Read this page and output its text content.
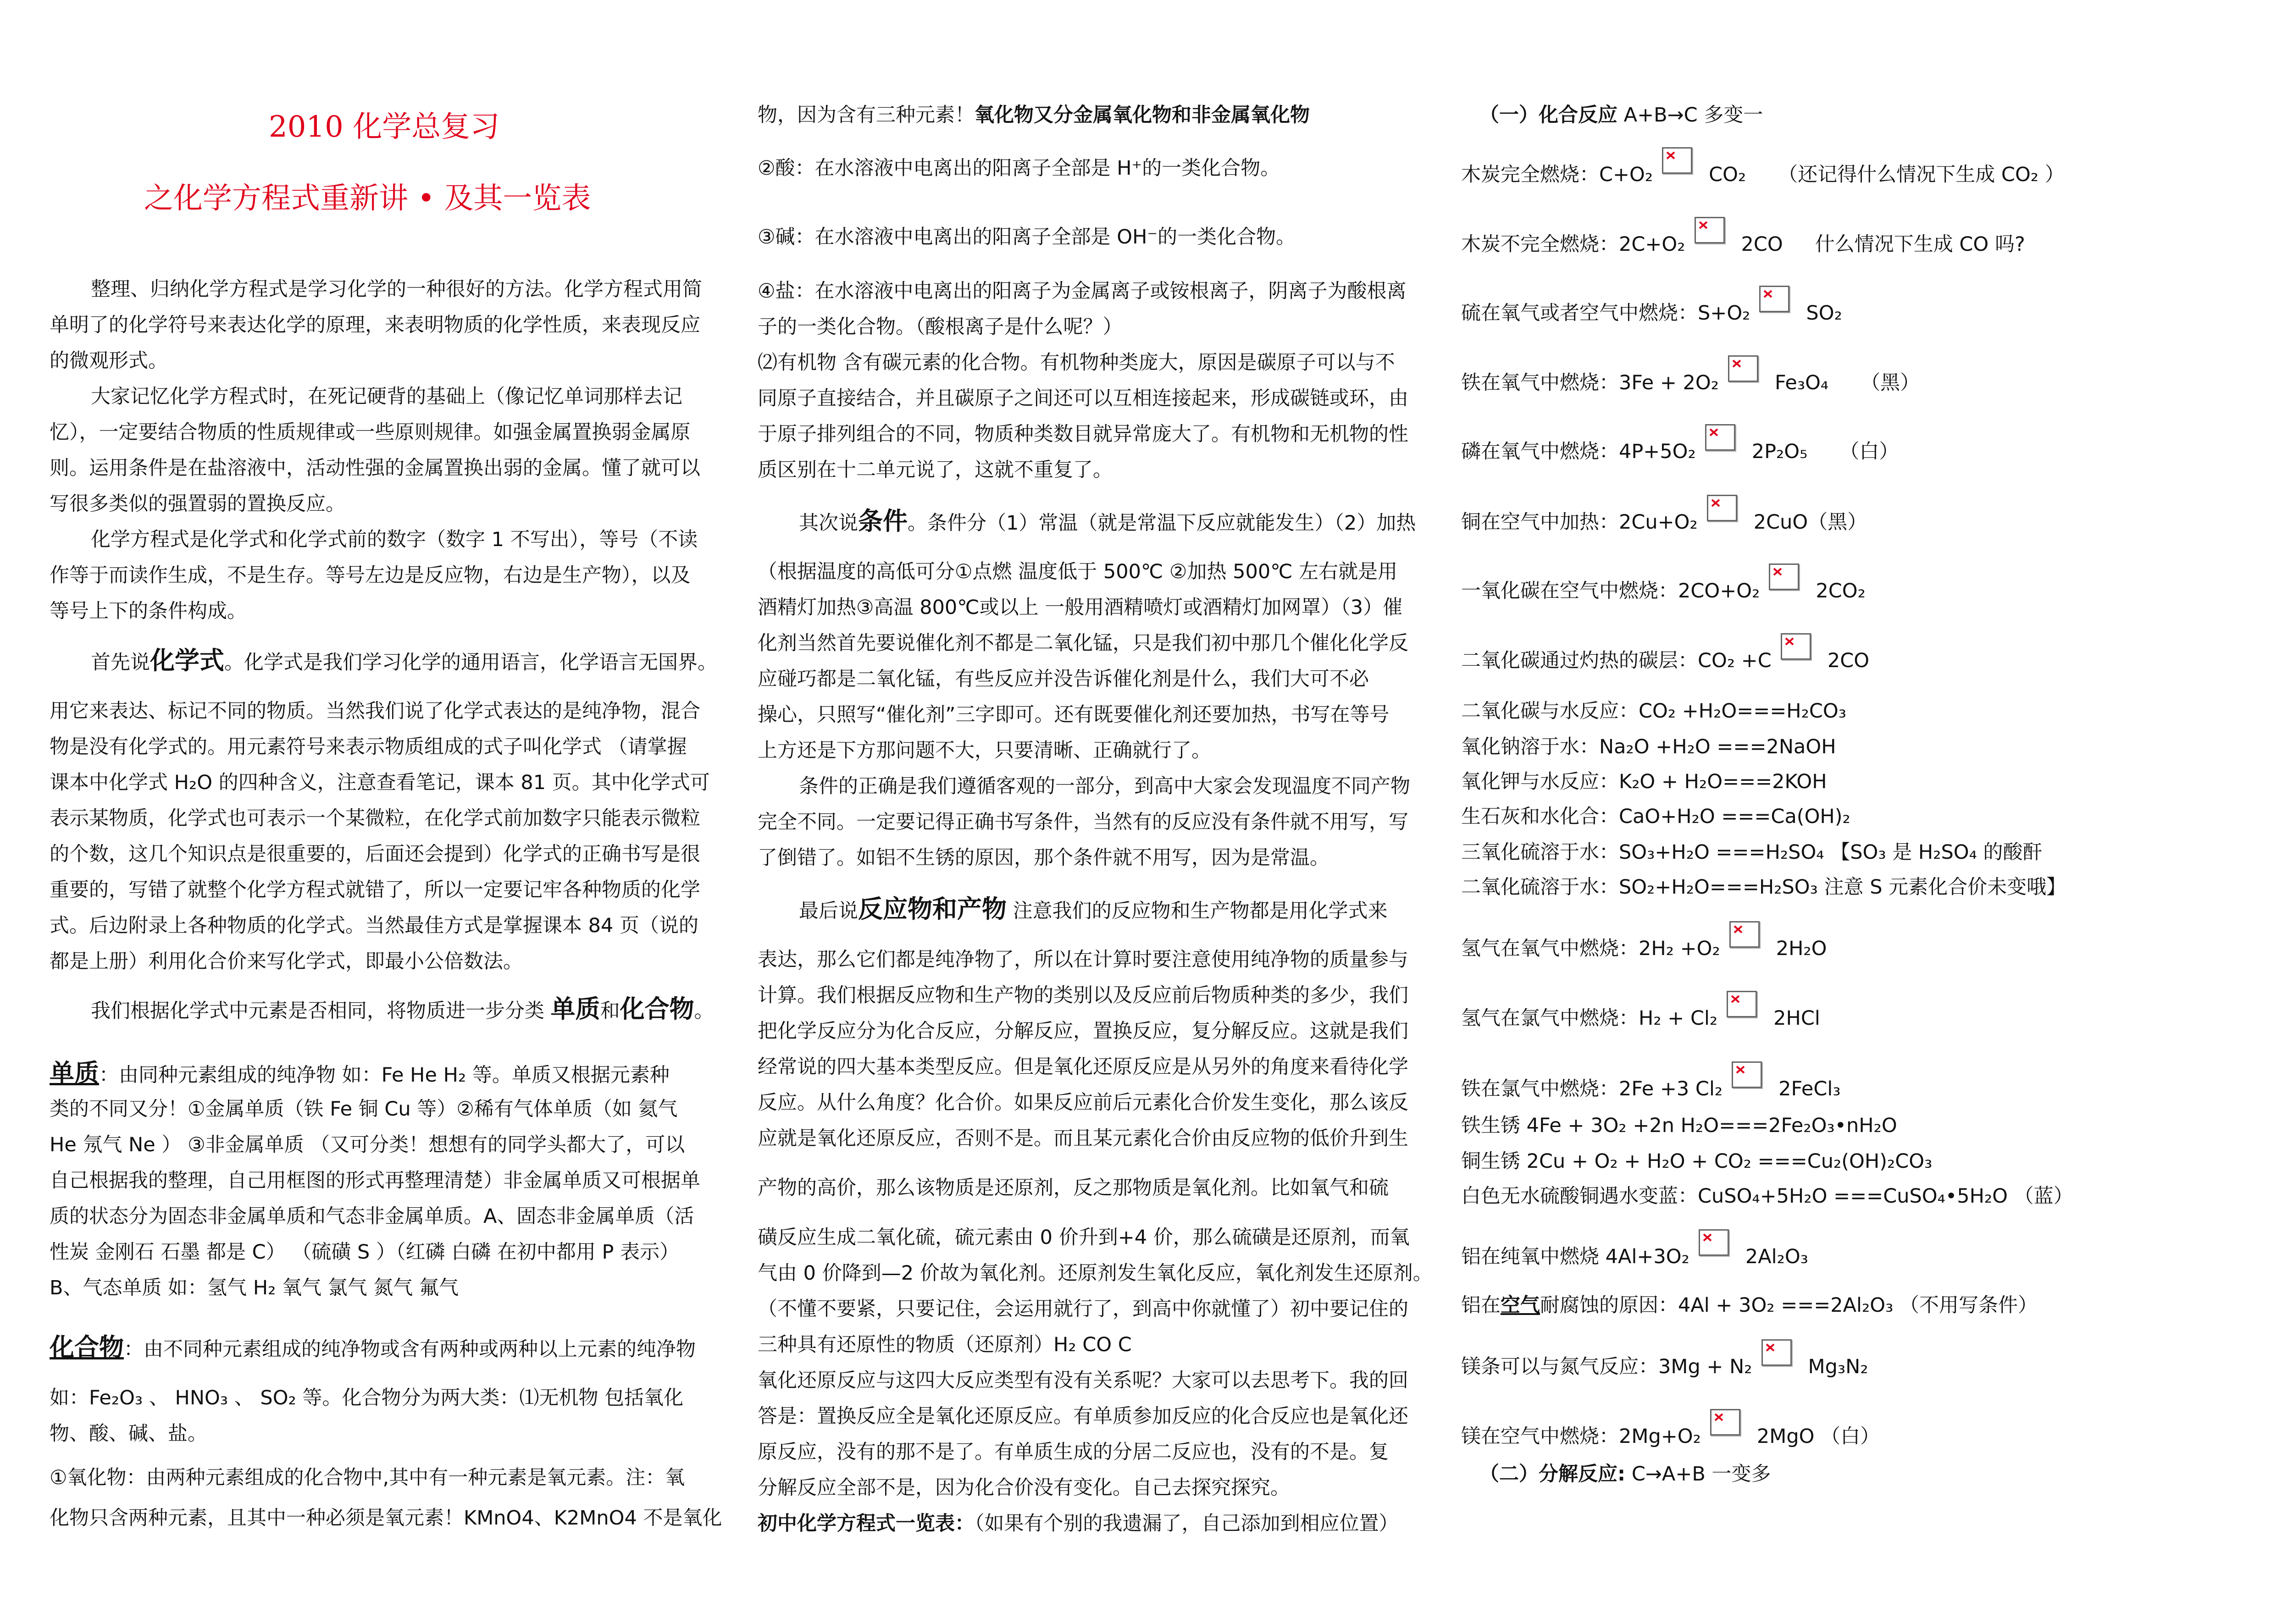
2010 化学总复习
之化学方程式重新讲 • 及其一览表
整理、归纳化学方程式是学习化学的一种很好的方法。化学方程式用简
单明了的化学符号来表达化学的原理，来表明物质的化学性质，来表现反应
的微观形式。
大家记忆化学方程式时，在死记硬背的基础上（像记忆单词那样去记
忆），一定要结合物质的性质规律或一些原则规律。如强金属置换弱金属原
则。运用条件是在盐溶液中，活动性强的金属置换出弱的金属。懂了就可以
写很多类似的强置弱的置换反应。
化学方程式是化学式和化学式前的数字（数字 1 不写出），等号（不读
作等于而读作生成，不是生存。等号左边是反应物，右边是生产物），以及
等号上下的条件构成。
首先说化学式。化学式是我们学习化学的通用语言，化学语言无国界。
用它来表达、标记不同的物质。当然我们说了化学式表达的是纯净物，混合
物是没有化学式的。用元素符号来表示物质组成的式子叫化学式 （请掌握
课本中化学式 H₂O 的四种含义，注意查看笔记，课本 81 页。其中化学式可
表示某物质，化学式也可表示一个某微粒，在化学式前加数字只能表示微粒
的个数，这几个知识点是很重要的，后面还会提到）化学式的正确书写是很
重要的，写错了就整个化学方程式就错了，所以一定要记牢各种物质的化学
式。后边附录上各种物质的化学式。当然最佳方式是掌握课本 84 页（说的
都是上册）利用化合价来写化学式，即最小公倍数法。
我们根据化学式中元素是否相同，将物质进一步分类 单质和化合物。
单质：由同种元素组成的纯净物 如：Fe He H₂ 等。单质又根据元素种
类的不同又分！①金属单质（铁 Fe 铜 Cu 等）②稀有气体单质（如 氦气
He 氖气 Ne ） ③非金属单质 （又可分类！想想有的同学头都大了，可以
自己根据我的整理，自己用框图的形式再整理清楚）非金属单质又可根据单
质的状态分为固态非金属单质和气态非金属单质。A、固态非金属单质（活
性炭 金刚石 石墨 都是 C） （硫磺 S ）（红磷 白磷 在初中都用 P 表示）
B、气态单质 如：氢气 H₂ 氧气 氯气 氮气 氟气
化合物：由不同种元素组成的纯净物或含有两种或两种以上元素的纯净物
如：Fe₂O₃ 、 HNO₃ 、 SO₂ 等。化合物分为两大类：⑴无机物 包括氧化
物、酸、碱、盐。
①氧化物：由两种元素组成的化合物中,其中有一种元素是氧元素。注：氧
化物只含两种元素，且其中一种必须是氧元素！KMnO4、K2MnO4 不是氧化
物，因为含有三种元素！氧化物又分金属氧化物和非金属氧化物
②酸：在水溶液中电离出的阳离子全部是 H⁺的一类化合物。
③碱：在水溶液中电离出的阳离子全部是 OH⁻的一类化合物。
④盐：在水溶液中电离出的阳离子为金属离子或铵根离子，阴离子为酸根离
子的一类化合物。（酸根离子是什么呢？）
⑵有机物 含有碳元素的化合物。有机物种类庞大，原因是碳原子可以与不
同原子直接结合，并且碳原子之间还可以互相连接起来，形成碳链或环，由
于原子排列组合的不同，物质种类数目就异常庞大了。有机物和无机物的性
质区别在十二单元说了，这就不重复了。
其次说条件。条件分（1）常温（就是常温下反应就能发生）（2）加热
（根据温度的高低可分①点燃 温度低于 500℃ ②加热 500℃ 左右就是用
酒精灯加热③高温 800℃或以上 一般用酒精喷灯或酒精灯加网罩）（3）催
化剂当然首先要说催化剂不都是二氧化锰，只是我们初中那几个催化化学反
应碰巧都是二氧化锰，有些反应并没告诉催化剂是什么，我们大可不必
操心，只照写“催化剂”三字即可。还有既要催化剂还要加热，书写在等号
上方还是下方那问题不大，只要清晰、正确就行了。
条件的正确是我们遵循客观的一部分，到高中大家会发现温度不同产物
完全不同。一定要记得正确书写条件，当然有的反应没有条件就不用写，写
了倒错了。如铝不生锈的原因，那个条件就不用写，因为是常温。
最后说反应物和产物 注意我们的反应物和生产物都是用化学式来
表达，那么它们都是纯净物了，所以在计算时要注意使用纯净物的质量参与
计算。我们根据反应物和生产物的类别以及反应前后物质种类的多少，我们
把化学反应分为化合反应，分解反应，置换反应，复分解反应。这就是我们
经常说的四大基本类型反应。但是氧化还原反应是从另外的角度来看待化学
反应。从什么角度？化合价。如果反应前后元素化合价发生变化，那么该反
应就是氧化还原反应，否则不是。而且某元素化合价由反应物的低价升到生
产物的高价，那么该物质是还原剂，反之那物质是氧化剂。比如氧气和硫
磺反应生成二氧化硫，硫元素由 0 价升到+4 价，那么硫磺是还原剂，而氧
气由 0 价降到—2 价故为氧化剂。还原剂发生氧化反应，氧化剂发生还原剂。
（不懂不要紧，只要记住，会运用就行了，到高中你就懂了）初中要记住的
三种具有还原性的物质（还原剂）H₂ CO C
氧化还原反应与这四大反应类型有没有关系呢？大家可以去思考下。我的回
答是：置换反应全是氧化还原反应。有单质参加反应的化合反应也是氧化还
原反应，没有的那不是了。有单质生成的分居二反应也，没有的不是。复
分解反应全部不是，因为化合价没有变化。自己去探究探究。
初中化学方程式一览表：（如果有个别的我遗漏了，自己添加到相应位置）
（一）化合反应 A+B→C 多变一
木炭完全燃烧：C+O₂	CO₂ （还记得什么情况下生成 CO₂ ）
木炭不完全燃烧：2C+O₂	2CO 什么情况下生成 CO 吗?
硫在氧气或者空气中燃烧：S+O₂	SO₂
铁在氧气中燃烧：3Fe + 2O₂	Fe₃O₄ （黑）
磷在氧气中燃烧：4P+5O₂	2P₂O₅ （白）
铜在空气中加热：2Cu+O₂	2CuO（黑）
一氧化碳在空气中燃烧：2CO+O₂	2CO₂
二氧化碳通过灼热的碳层：CO₂ +C	2CO
二氧化碳与水反应：CO₂ +H₂O===H₂CO₃
氧化钠溶于水：Na₂O +H₂O ===2NaOH
氧化钾与水反应：K₂O + H₂O===2KOH
生石灰和水化合：CaO+H₂O ===Ca(OH)₂
三氧化硫溶于水：SO₃+H₂O ===H₂SO₄ 【SO₃ 是 H₂SO₄ 的酸酐
二氧化硫溶于水：SO₂+H₂O===H₂SO₃ 注意 S 元素化合价未变哦】
氢气在氧气中燃烧：2H₂ +O₂	2H₂O
氢气在氯气中燃烧：H₂ + Cl₂	2HCl
铁在氯气中燃烧：2Fe +3 Cl₂	2FeCl₃
铁生锈 4Fe + 3O₂ +2n H₂O===2Fe₂O₃•nH₂O
铜生锈 2Cu + O₂ + H₂O + CO₂ ===Cu₂(OH)₂CO₃
白色无水硫酸铜遇水变蓝：CuSO₄+5H₂O ===CuSO₄•5H₂O （蓝）
铝在纯氧中燃烧 4Al+3O₂	2Al₂O₃
铝在空气耐腐蚀的原因：4Al + 3O₂ ===2Al₂O₃ （不用写条件）
镁条可以与氮气反应：3Mg + N₂	Mg₃N₂
镁在空气中燃烧：2Mg+O₂	2MgO （白）
（二）分解反应: C→A+B 一变多
